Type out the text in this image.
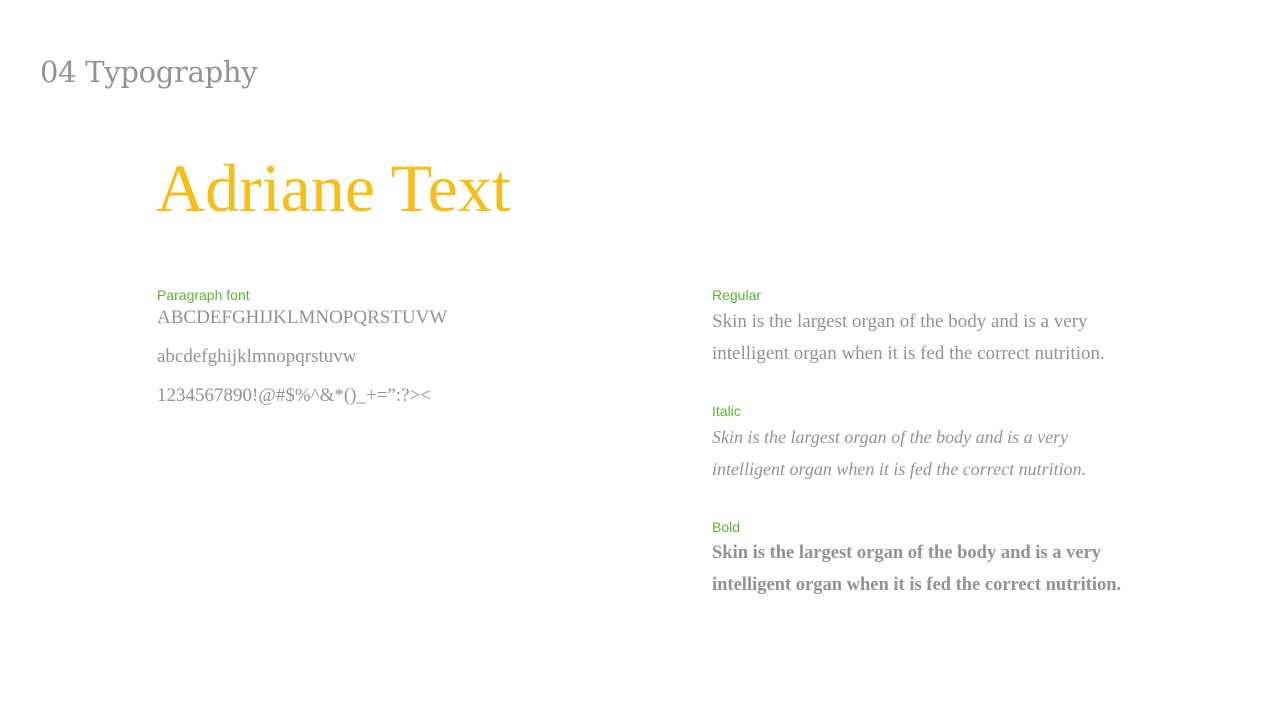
04 Typography
Adriane Text
Paragraph font
ABCDEFGHIJKLMNOPQRSTUVW
abcdefghijklmnopqrstuvw
1234567890!@#$%^&*()_+=”:?><
Regular
Skin is the largest organ of the body and is a very intelligent organ when it is fed the correct nutrition.
Italic
Skin is the largest organ of the body and is a very intelligent organ when it is fed the correct nutrition.
Bold
Skin is the largest organ of the body and is a very intelligent organ when it is fed the correct nutrition.
